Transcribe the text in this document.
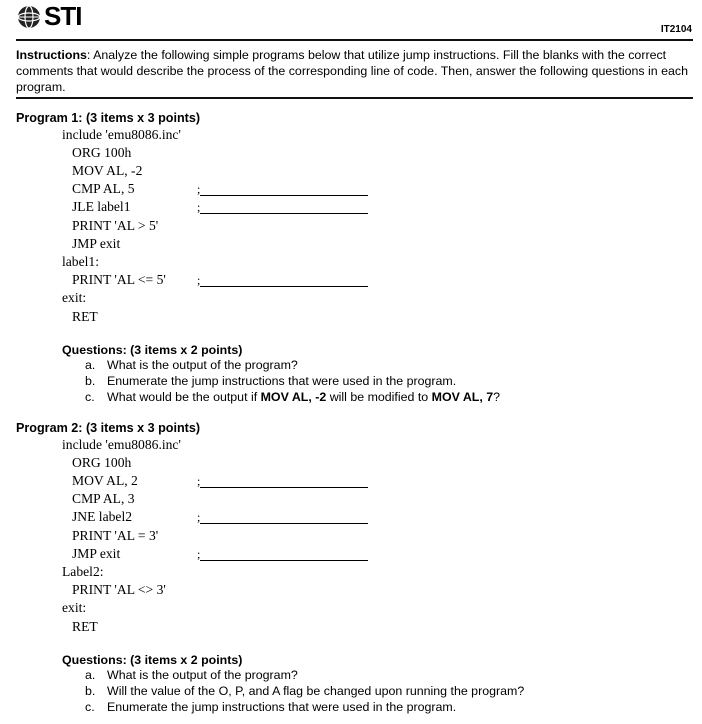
STI	IT2104
Instructions: Analyze the following simple programs below that utilize jump instructions. Fill the blanks with the correct comments that would describe the process of the corresponding line of code. Then, answer the following questions in each program.
Program 1: (3 items x 3 points)
include 'emu8086.inc'
ORG 100h
MOV AL, -2
CMP AL, 5
JLE label1
PRINT 'AL > 5'
JMP exit
label1:
PRINT 'AL <= 5'
exit:
RET
;
;
;
Questions: (3 items x 2 points)
a. What is the output of the program?
b. Enumerate the jump instructions that were used in the program.
c. What would be the output if MOV AL, -2 will be modified to MOV AL, 7?
Program 2: (3 items x 3 points)
include 'emu8086.inc'
ORG 100h
MOV AL, 2
CMP AL, 3
JNE label2
PRINT 'AL = 3'
JMP exit
Label2:
PRINT 'AL <> 3'
exit:
RET
;
;
;
Questions: (3 items x 2 points)
a. What is the output of the program?
b. Will the value of the O, P, and A flag be changed upon running the program?
c. Enumerate the jump instructions that were used in the program.
